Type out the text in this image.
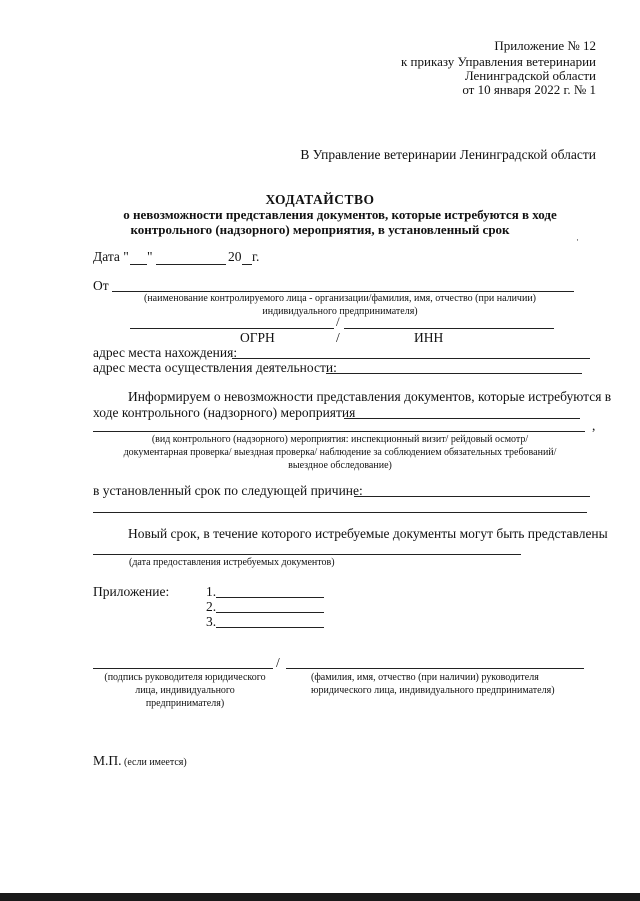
Приложение № 12
к приказу Управления ветеринарии
Ленинградской области
от 10 января 2022 г. № 1
В Управление ветеринарии Ленинградской области
ХОДАТАЙСТВО
о невозможности представления документов, которые истребуются в ходе
контрольного (надзорного) мероприятия, в установленный срок
·
Дата " "	20 г.
От
(наименование контролируемого лица - организации/фамилия, имя, отчество (при наличии)
индивидуального предпринимателя)
/
ОГРН	/	ИНН
адрес места нахождения:
адрес места осуществления деятельности:
Информируем о невозможности представления документов, которые истребуются в
ходе контрольного (надзорного) мероприятия
,
(вид контрольного (надзорного) мероприятия: инспекционный визит/ рейдовый осмотр/
документарная проверка/ выездная проверка/ наблюдение за соблюдением обязательных требований/
выездное обследование)
в установленный срок по следующей причине:
Новый срок, в течение которого истребуемые документы могут быть представлены
(дата предоставления истребуемых документов)
Приложение:	1.
2.
3.
/
(подпись руководителя юридического
лица, индивидуального
предпринимателя)
(фамилия, имя, отчество (при наличии) руководителя
юридического лица, индивидуального предпринимателя)
М.П. (если имеется)
